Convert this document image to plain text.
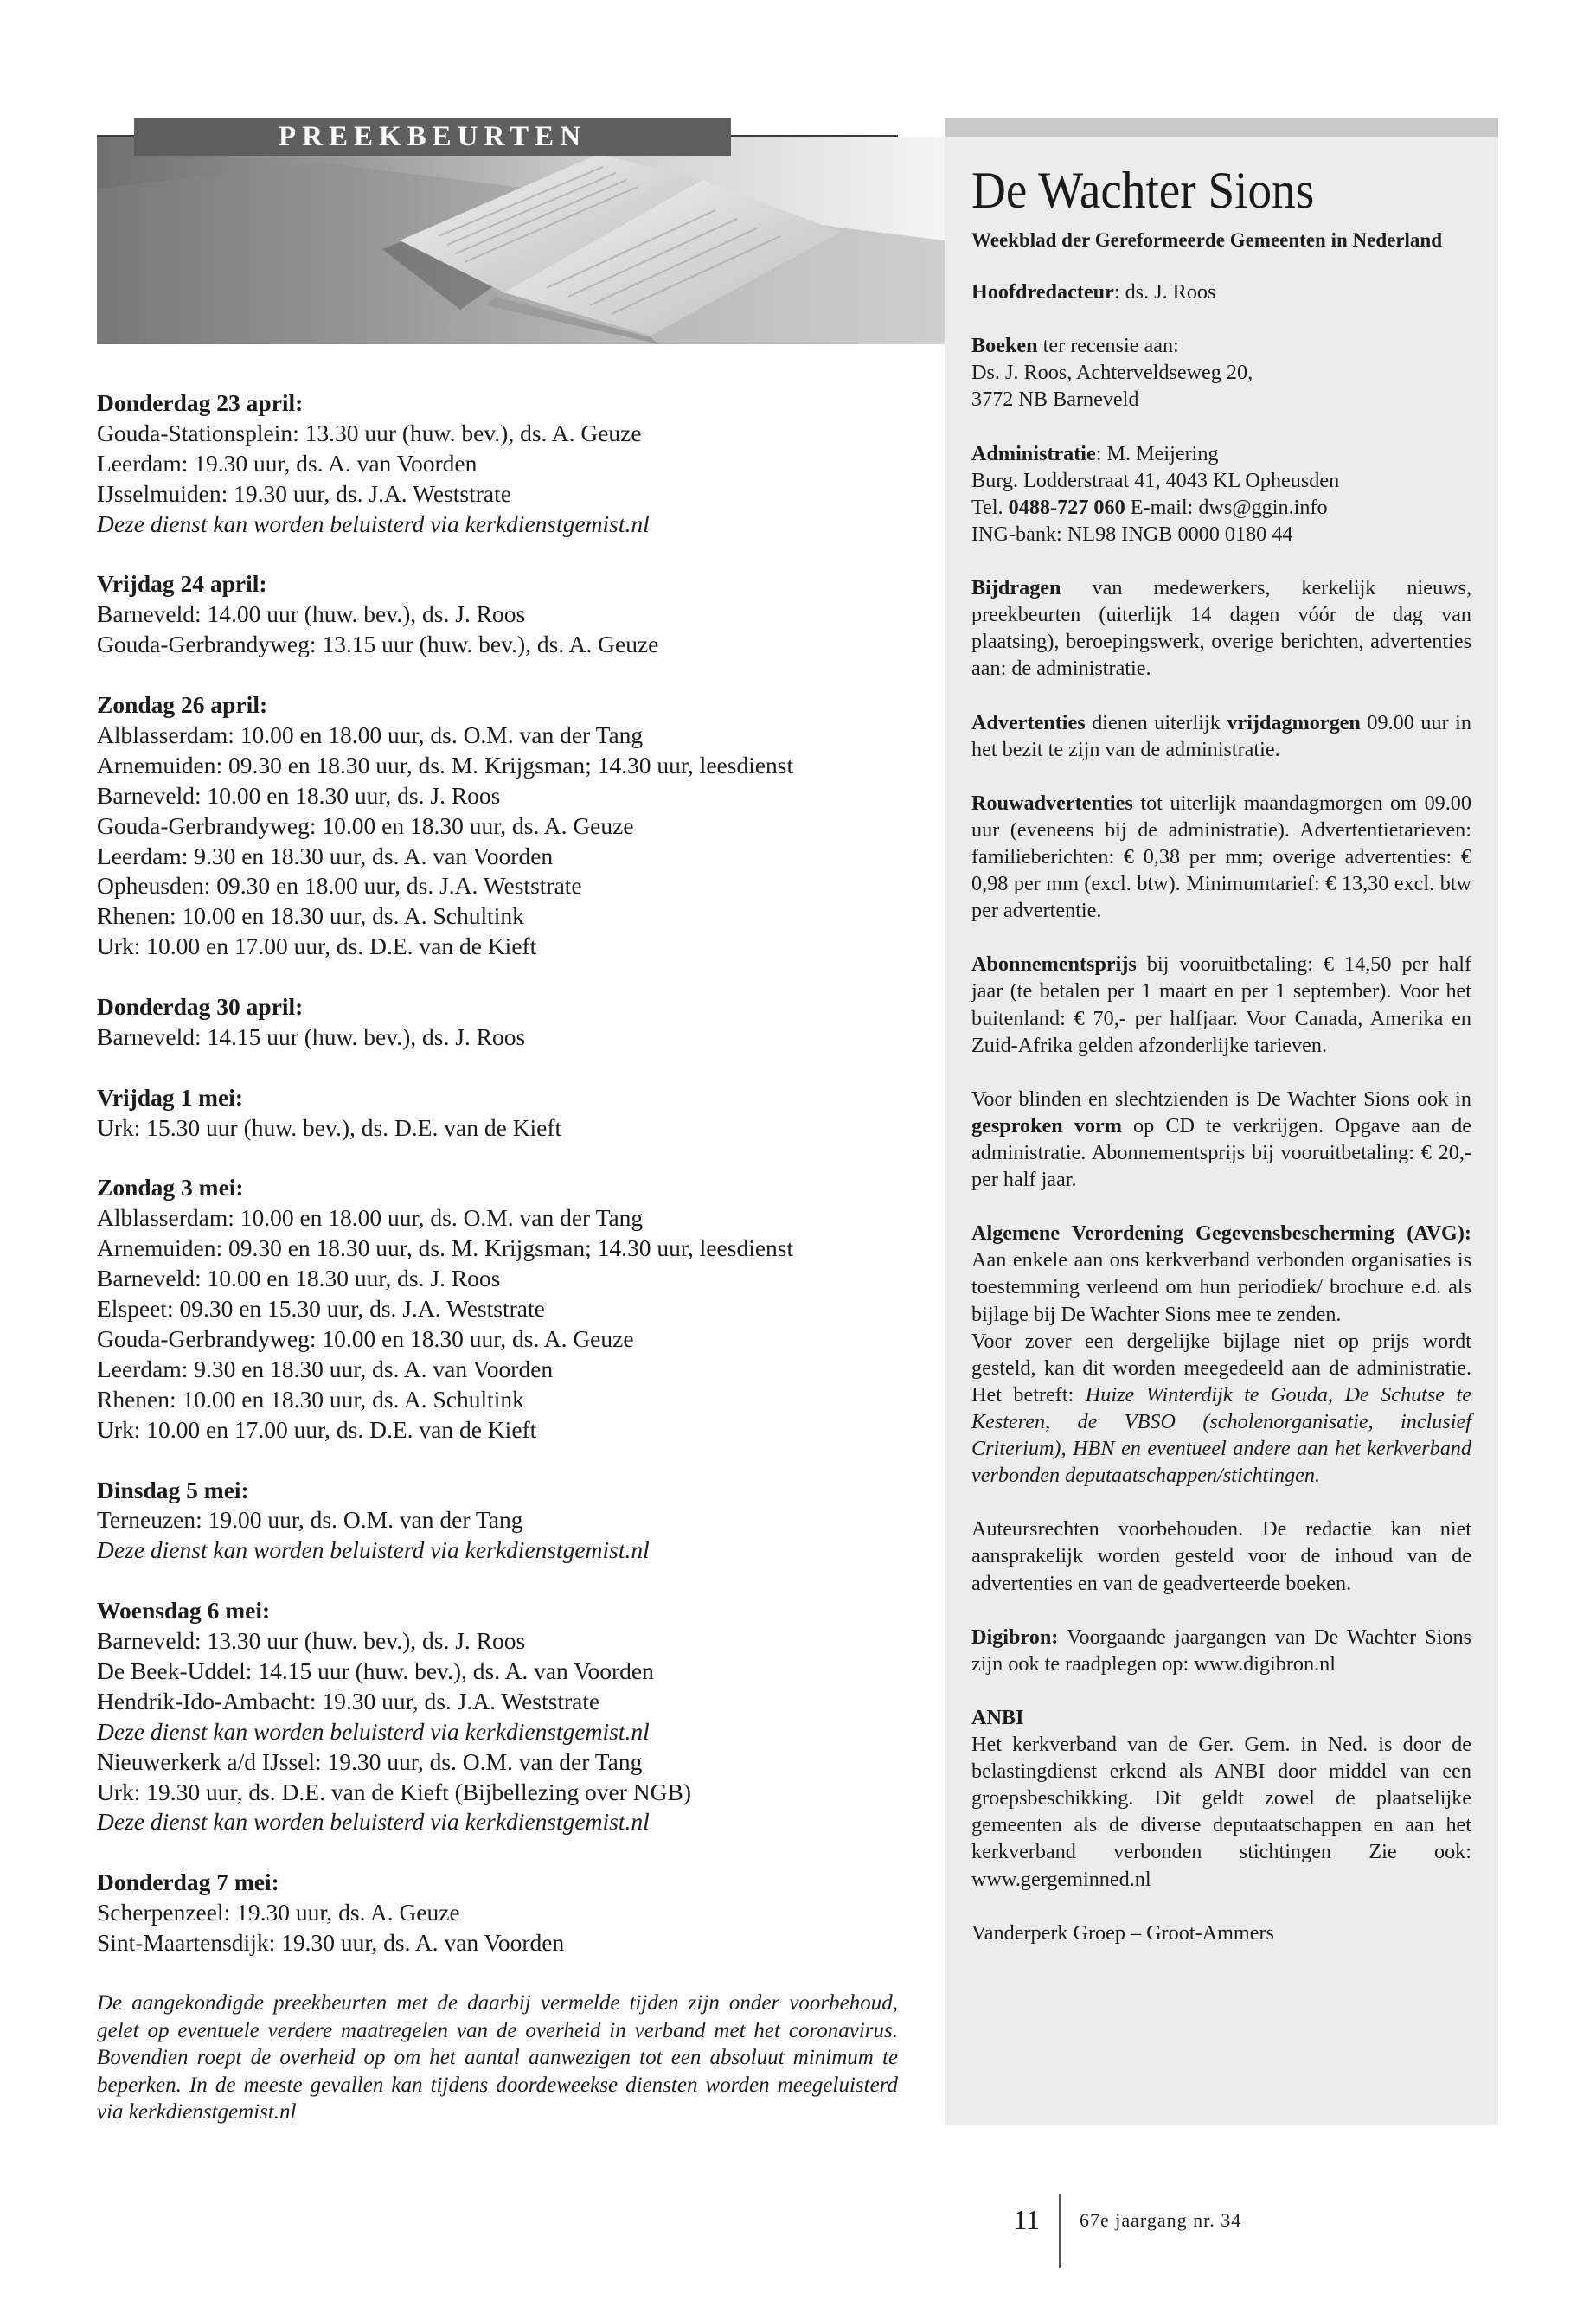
PREEKBEURTEN
Donderdag 23 april:
Gouda-Stationsplein: 13.30 uur (huw. bev.), ds. A. Geuze
Leerdam: 19.30 uur, ds. A. van Voorden
IJsselmuiden: 19.30 uur, ds. J.A. Weststrate
Deze dienst kan worden beluisterd via kerkdienstgemist.nl
Vrijdag 24 april:
Barneveld: 14.00 uur (huw. bev.), ds. J. Roos
Gouda-Gerbrandyweg: 13.15 uur (huw. bev.), ds. A. Geuze
Zondag 26 april:
Alblasserdam: 10.00 en 18.00 uur, ds. O.M. van der Tang
Arnemuiden: 09.30 en 18.30 uur, ds. M. Krijgsman; 14.30 uur, leesdienst
Barneveld: 10.00 en 18.30 uur, ds. J. Roos
Gouda-Gerbrandyweg: 10.00 en 18.30 uur, ds. A. Geuze
Leerdam: 9.30 en 18.30 uur, ds. A. van Voorden
Opheusden: 09.30 en 18.00 uur, ds. J.A. Weststrate
Rhenen: 10.00 en 18.30 uur, ds. A. Schultink
Urk: 10.00 en 17.00 uur, ds. D.E. van de Kieft
Donderdag 30 april:
Barneveld: 14.15 uur (huw. bev.), ds. J. Roos
Vrijdag 1 mei:
Urk: 15.30 uur (huw. bev.), ds. D.E. van de Kieft
Zondag 3 mei:
Alblasserdam: 10.00 en 18.00 uur, ds. O.M. van der Tang
Arnemuiden: 09.30 en 18.30 uur, ds. M. Krijgsman; 14.30 uur, leesdienst
Barneveld: 10.00 en 18.30 uur, ds. J. Roos
Elspeet: 09.30 en 15.30 uur, ds. J.A. Weststrate
Gouda-Gerbrandyweg: 10.00 en 18.30 uur, ds. A. Geuze
Leerdam: 9.30 en 18.30 uur, ds. A. van Voorden
Rhenen: 10.00 en 18.30 uur, ds. A. Schultink
Urk: 10.00 en 17.00 uur, ds. D.E. van de Kieft
Dinsdag 5 mei:
Terneuzen: 19.00 uur, ds. O.M. van der Tang
Deze dienst kan worden beluisterd via kerkdienstgemist.nl
Woensdag 6 mei:
Barneveld: 13.30 uur (huw. bev.), ds. J. Roos
De Beek-Uddel: 14.15 uur (huw. bev.), ds. A. van Voorden
Hendrik-Ido-Ambacht: 19.30 uur, ds. J.A. Weststrate
Deze dienst kan worden beluisterd via kerkdienstgemist.nl
Nieuwerkerk a/d IJssel: 19.30 uur, ds. O.M. van der Tang
Urk: 19.30 uur, ds. D.E. van de Kieft (Bijbellezing over NGB)
Deze dienst kan worden beluisterd via kerkdienstgemist.nl
Donderdag 7 mei:
Scherpenzeel: 19.30 uur, ds. A. Geuze
Sint-Maartensdijk: 19.30 uur, ds. A. van Voorden
De aangekondigde preekbeurten met de daarbij vermelde tijden zijn onder voorbehoud, gelet op eventuele verdere maatregelen van de overheid in verband met het coronavirus. Bovendien roept de overheid op om het aantal aanwezigen tot een absoluut minimum te beperken. In de meeste gevallen kan tijdens doordeweekse diensten worden meegeluisterd via kerkdienstgemist.nl
De Wachter Sions
Weekblad der Gereformeerde Gemeenten in Nederland

Hoofdredacteur: ds. J. Roos

Boeken ter recensie aan:
Ds. J. Roos, Achterveldseweg 20,
3772 NB Barneveld

Administratie: M. Meijering
Burg. Lodderstraat 41, 4043 KL Opheusden
Tel. 0488-727 060 E-mail: dws@ggin.info
ING-bank: NL98 INGB 0000 0180 44

Bijdragen van medewerkers, kerkelijk nieuws, preekbeurten (uiterlijk 14 dagen vóór de dag van plaatsing), beroepingswerk, overige berichten, advertenties aan: de administratie.

Advertenties dienen uiterlijk vrijdagmorgen 09.00 uur in het bezit te zijn van de administratie.

Rouwadvertenties tot uiterlijk maandagmorgen om 09.00 uur (eveneens bij de administratie). Advertentietarieven: familieberichten: € 0,38 per mm; overige advertenties: € 0,98 per mm (excl. btw). Minimumtarief: € 13,30 excl. btw per advertentie.

Abonnementsprijs bij vooruitbetaling: € 14,50 per half jaar (te betalen per 1 maart en per 1 september). Voor het buitenland: € 70,- per halfjaar. Voor Canada, Amerika en Zuid-Afrika gelden afzonderlijke tarieven.

Voor blinden en slechtzienden is De Wachter Sions ook in gesproken vorm op CD te verkrijgen. Opgave aan de administratie. Abonnementsprijs bij vooruitbetaling: € 20,- per half jaar.

Algemene Verordening Gegevensbescherming (AVG): Aan enkele aan ons kerkverband verbonden organisaties is toestemming verleend om hun periodiek/ brochure e.d. als bijlage bij De Wachter Sions mee te zenden.

Voor zover een dergelijke bijlage niet op prijs wordt gesteld, kan dit worden meegedeeld aan de administratie. Het betreft: Huize Winterdijk te Gouda, De Schutse te Kesteren, de VBSO (scholenorganisatie, inclusief Criterium), HBN en eventueel andere aan het kerkverband verbonden deputaatschappen/stichtingen.

Auteursrechten voorbehouden. De redactie kan niet aansprakelijk worden gesteld voor de inhoud van de advertenties en van de geadverteerde boeken.

Digibron: Voorgaande jaargangen van De Wachter Sions zijn ook te raadplegen op: www.digibron.nl

ANBI

Het kerkverband van de Ger. Gem. in Ned. is door de belastingdienst erkend als ANBI door middel van een groepsbeschikking. Dit geldt zowel de plaatselijke gemeenten als de diverse deputaatschappen en aan het kerkverband verbonden stichtingen Zie ook: www.gergeminned.nl

Vanderperk Groep – Groot-Ammers

11 67e jaargang nr. 34
